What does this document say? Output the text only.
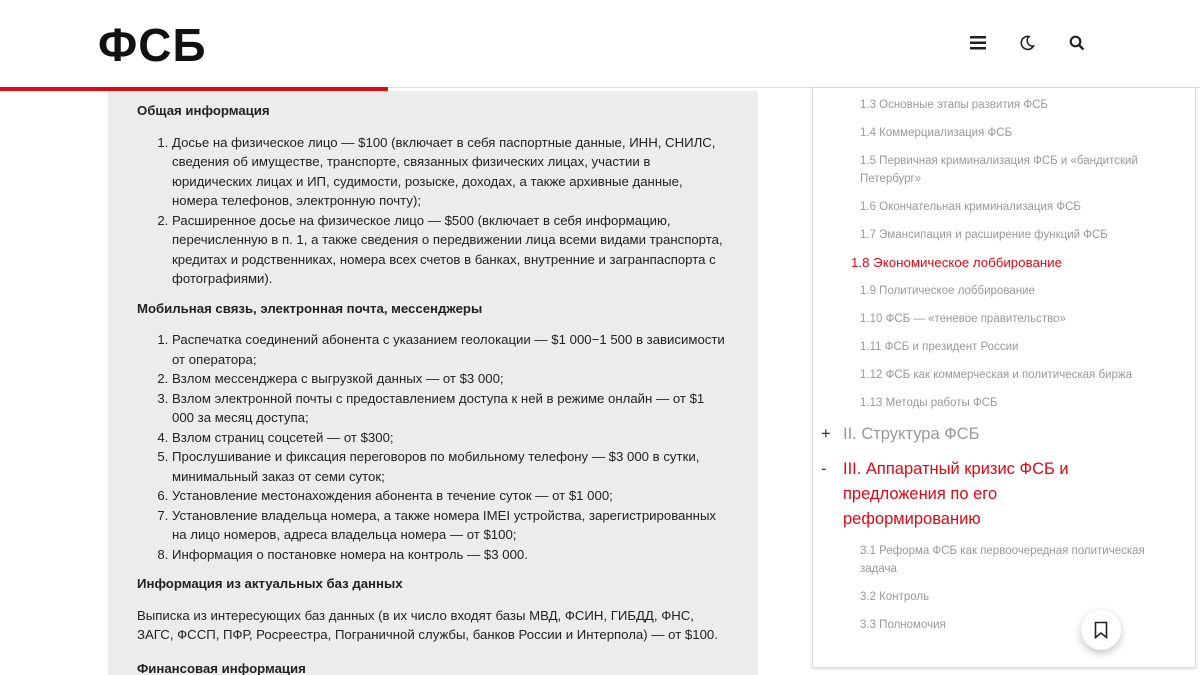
ФСБ
Общая информация
1. Досье на физическое лицо — $100 (включает в себя паспортные данные, ИНН, СНИЛС, сведения об имуществе, транспорте, связанных физических лицах, участии в юридических лицах и ИП, судимости, розыске, доходах, а также архивные данные, номера телефонов, электронную почту);
2. Расширенное досье на физическое лицо — $500 (включает в себя информацию, перечисленную в п. 1, а также сведения о передвижении лица всеми видами транспорта, кредитах и родственниках, номера всех счетов в банках, внутренние и загранпаспорта с фотографиями).
Мобильная связь, электронная почта, мессенджеры
1. Распечатка соединений абонента с указанием геолокации — $1 000−1 500 в зависимости от оператора;
2. Взлом мессенджера с выгрузкой данных — от $3 000;
3. Взлом электронной почты с предоставлением доступа к ней в режиме онлайн — от $1 000 за месяц доступа;
4. Взлом страниц соцсетей — от $300;
5. Прослушивание и фиксация переговоров по мобильному телефону — $3 000 в сутки, минимальный заказ от семи суток;
6. Установление местонахождения абонента в течение суток — от $1 000;
7. Установление владельца номера, а также номера IMEI устройства, зарегистрированных на лицо номеров, адреса владельца номера — от $100;
8. Информация о постановке номера на контроль — $3 000.
Информация из актуальных баз данных

Выписка из интересующих баз данных (в их число входят базы МВД, ФСИН, ГИБДД, ФНС, ЗАГС, ФССП, ПФР, Росреестра, Пограничной службы, банков России и Интерпола) — от $100.

Финансовая информация
1.3 Основные этапы развития ФСБ
1.4 Коммерциализация ФСБ
1.5 Первичная криминализация ФСБ и «бандитский Петербург»
1.6 Окончательная криминализация ФСБ
1.7 Эмансипация и расширение функций ФСБ
1.8 Экономическое лоббирование
1.9 Политическое лоббирование
1.10 ФСБ — «теневое правительство»
1.11 ФСБ и президент России
1.12 ФСБ как коммерческая и политическая биржа
1.13 Методы работы ФСБ
+ II. Структура ФСБ
- III. Аппаратный кризис ФСБ и предложения по его реформированию
3.1 Реформа ФСБ как первоочередная политическая задача
3.2 Контроль
3.3 Полномочия
